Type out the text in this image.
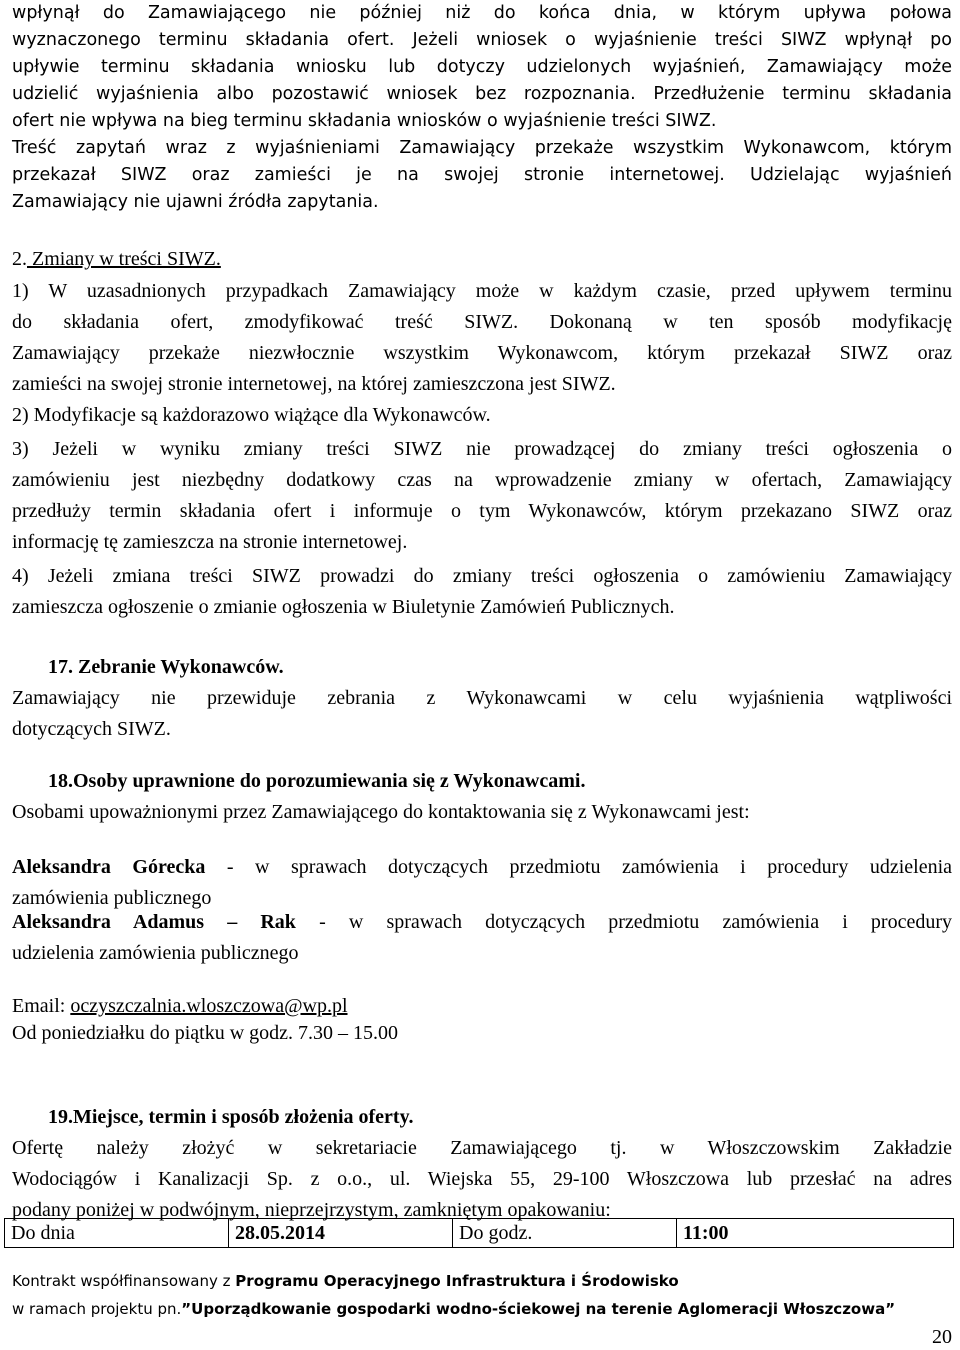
wpłynął do Zamawiającego nie później niż do końca dnia, w którym upływa połowa
wyznaczonego terminu składania ofert. Jeżeli wniosek o wyjaśnienie treści SIWZ wpłynął po
upływie terminu składania wniosku lub dotyczy udzielonych wyjaśnień, Zamawiający może
udzielić wyjaśnienia albo pozostawić wniosek bez rozpoznania. Przedłużenie terminu składania
ofert nie wpływa na bieg terminu składania wniosków o wyjaśnienie treści SIWZ.
Treść zapytań wraz z wyjaśnieniami Zamawiający przekaże wszystkim Wykonawcom, którym
przekazał SIWZ oraz zamieści je na swojej stronie internetowej. Udzielając wyjaśnień
Zamawiający nie ujawni źródła zapytania.
2. Zmiany w treści SIWZ.
1) W uzasadnionych przypadkach Zamawiający może w każdym czasie, przed upływem terminu
do składania ofert, zmodyfikować treść SIWZ. Dokonaną w ten sposób modyfikację
Zamawiający przekaże niezwłocznie wszystkim Wykonawcom, którym przekazał SIWZ oraz
zamieści na swojej stronie internetowej, na której zamieszczona jest SIWZ.
2) Modyfikacje są każdorazowo wiążące dla Wykonawców.
3) Jeżeli w wyniku zmiany treści SIWZ nie prowadzącej do zmiany treści ogłoszenia o
zamówieniu jest niezbędny dodatkowy czas na wprowadzenie zmiany w ofertach, Zamawiający
przedłuży termin składania ofert i informuje o tym Wykonawców, którym przekazano SIWZ oraz
informację tę zamieszcza na stronie internetowej.
4) Jeżeli zmiana treści SIWZ prowadzi do zmiany treści ogłoszenia o zamówieniu Zamawiający
zamieszcza ogłoszenie o zmianie ogłoszenia w Biuletynie Zamówień Publicznych.
17. Zebranie Wykonawców.
Zamawiający nie przewiduje zebrania z Wykonawcami w celu wyjaśnienia wątpliwości
dotyczących SIWZ.
18.Osoby uprawnione do porozumiewania się z Wykonawcami.
Osobami upoważnionymi przez Zamawiającego do kontaktowania się z Wykonawcami jest:
Aleksandra Górecka - w sprawach dotyczących przedmiotu zamówienia i procedury udzielenia
zamówienia publicznego
Aleksandra Adamus – Rak - w sprawach dotyczących przedmiotu zamówienia i procedury
udzielenia zamówienia publicznego
Email: oczyszczalnia.wloszczowa@wp.pl
Od poniedziałku do piątku w godz. 7.30 – 15.00
19.Miejsce, termin i sposób złożenia oferty.
Ofertę należy złożyć w sekretariacie Zamawiającego tj. w Włoszczowskim Zakładzie
Wodociągów i Kanalizacji Sp. z o.o., ul. Wiejska 55, 29-100 Włoszczowa lub przesłać na adres
podany poniżej w podwójnym, nieprzejrzystym, zamkniętym opakowaniu:
Do dnia	28.05.2014	Do godz.	11:00
Kontrakt współfinansowany z Programu Operacyjnego Infrastruktura i Środowisko
w ramach projektu pn.”Uporządkowanie gospodarki wodno-ściekowej na terenie Aglomeracji Włoszczowa”
20
